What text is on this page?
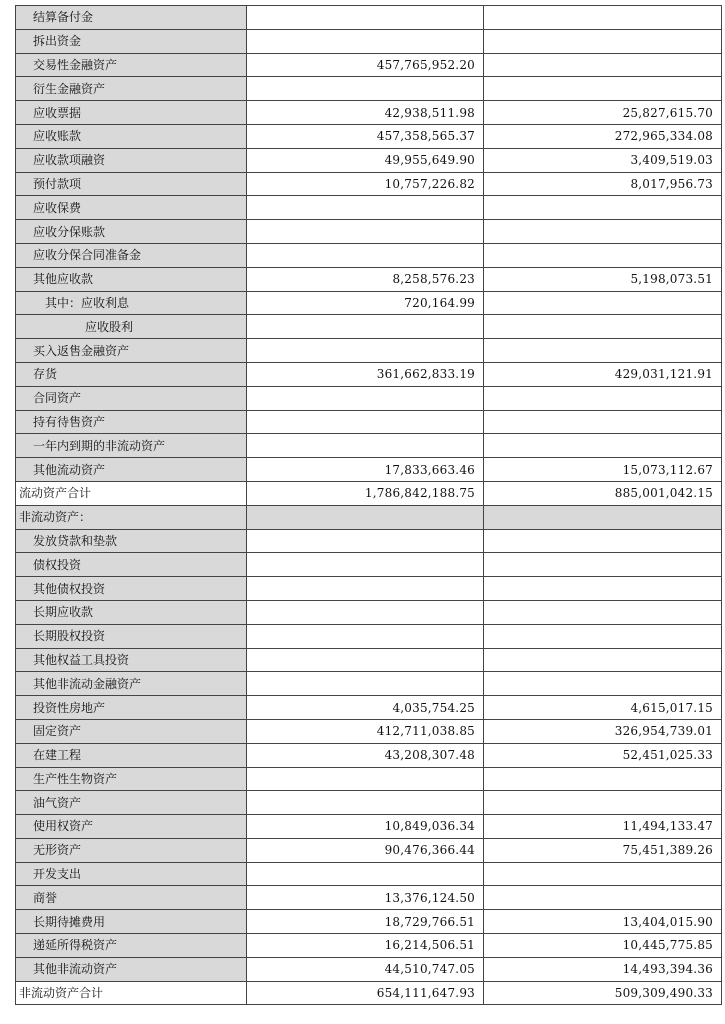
结算备付金		
拆出资金		
交易性金融资产	457,765,952.20	
衍生金融资产		
应收票据	42,938,511.98	25,827,615.70
应收账款	457,358,565.37	272,965,334.08
应收款项融资	49,955,649.90	3,409,519.03
预付款项	10,757,226.82	8,017,956.73
应收保费		
应收分保账款		
应收分保合同准备金		
其他应收款	8,258,576.23	5,198,073.51
其中：应收利息	720,164.99	
应收股利		
买入返售金融资产		
存货	361,662,833.19	429,031,121.91
合同资产		
持有待售资产		
一年内到期的非流动资产		
其他流动资产	17,833,663.46	15,073,112.67
流动资产合计	1,786,842,188.75	885,001,042.15
非流动资产：		
发放贷款和垫款		
债权投资		
其他债权投资		
长期应收款		
长期股权投资		
其他权益工具投资		
其他非流动金融资产		
投资性房地产	4,035,754.25	4,615,017.15
固定资产	412,711,038.85	326,954,739.01
在建工程	43,208,307.48	52,451,025.33
生产性生物资产		
油气资产		
使用权资产	10,849,036.34	11,494,133.47
无形资产	90,476,366.44	75,451,389.26
开发支出		
商誉	13,376,124.50	
长期待摊费用	18,729,766.51	13,404,015.90
递延所得税资产	16,214,506.51	10,445,775.85
其他非流动资产	44,510,747.05	14,493,394.36
非流动资产合计	654,111,647.93	509,309,490.33
